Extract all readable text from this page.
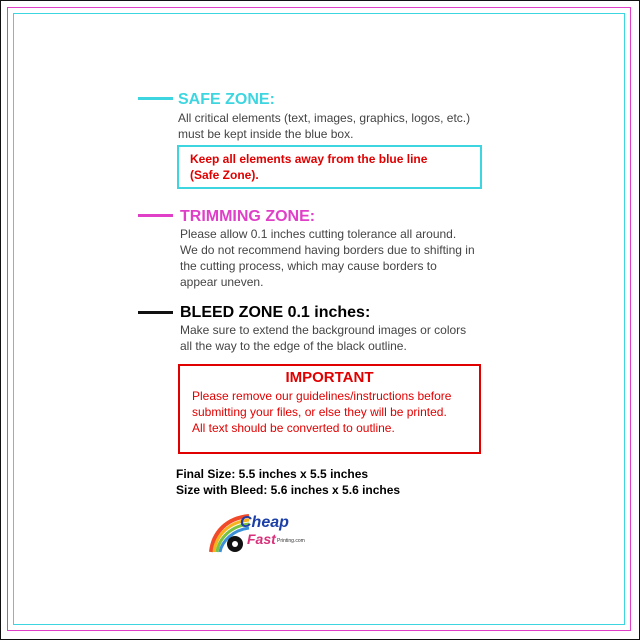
SAFE ZONE:
All critical elements (text, images, graphics, logos, etc.)
must be kept inside the blue box.
Keep all elements away from the blue line
(Safe Zone).
TRIMMING ZONE:
Please allow 0.1 inches cutting tolerance all around.
We do not recommend having borders due to shifting in
the cutting process, which may cause borders to
appear uneven.
BLEED ZONE 0.1 inches:
Make sure to extend the background images or colors
all the way to the edge of the black outline.
IMPORTANT
Please remove our guidelines/instructions before
submitting your files, or else they will be printed.
All text should be converted to outline.
Final Size: 5.5 inches x 5.5 inches
Size with Bleed: 5.6 inches x 5.6 inches
Cheap
Fast Printing.com
